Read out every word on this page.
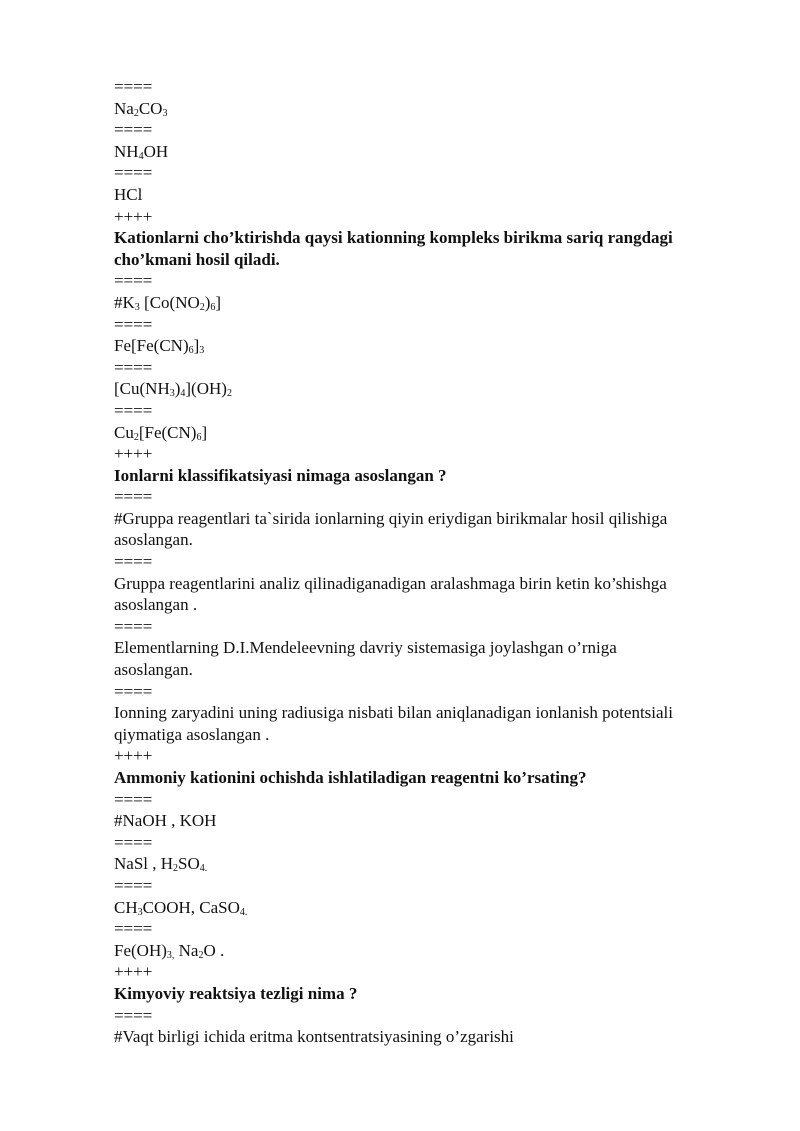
====
$Na_2CO_3$
====
$NH_4OH$
====
HCl
++++
Kationlarni cho’ktirishda qaysi kationning kompleks birikma sariq rangdagi
cho’kmani hosil qiladi.
====
$\#K_3$ $[Co(NO_2)_6]$
====
$Fe[Fe(CN)_6]_3$
====
$[Cu(NH_3)_4](OH)_2$
====
$Cu_2[Fe(CN)_6]$
++++
Ionlarni klassifikatsiyasi nimaga asoslangan ?
====
#Gruppa reagentlari ta`sirida ionlarning qiyin eriydigan birikmalar hosil qilishiga
asoslangan.
====
Gruppa reagentlarini analiz qilinadiganadigan aralashmaga birin ketin ko’shishga
asoslangan .
====
Elementlarning D.I.Mendeleevning davriy sistemasiga joylashgan o’rniga
asoslangan.
====
Ionning zaryadini uning radiusiga nisbati bilan aniqlanadigan ionlanish potentsiali
qiymatiga asoslangan .
++++
Ammoniy kationini ochishda ishlatiladigan reagentni ko’rsating?
====
#NaOH , KOH
====
NaSl , $H_2SO_{4.}$
====
$CH_3COOH$, CaSO$_{4.}$
====
$Fe(OH)_{3,}$ $Na_2O$ .
++++
Kimyoviy reaktsiya tezligi nima ?
====
#Vaqt birligi ichida eritma kontsentratsiyasining o’zgarishi
